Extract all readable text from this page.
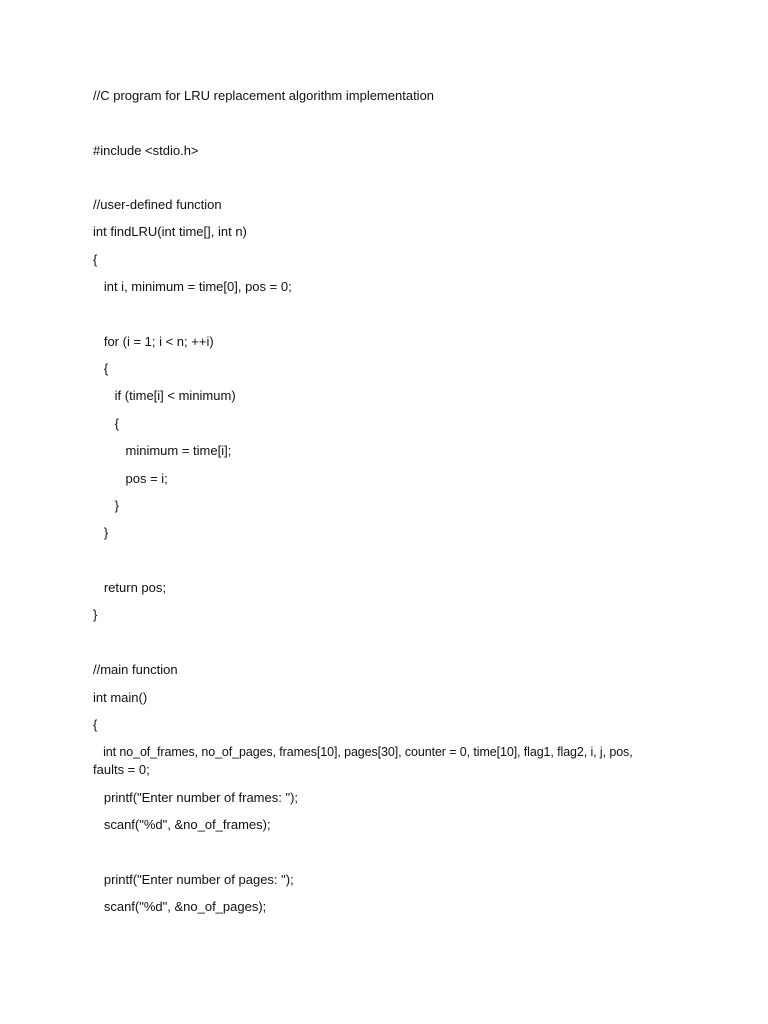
//C program for LRU replacement algorithm implementation
#include <stdio.h>
//user-defined function
int findLRU(int time[], int n)
{
int i, minimum = time[0], pos = 0;
for (i = 1; i < n; ++i)
{
if (time[i] < minimum)
{
minimum = time[i];
pos = i;
}
}
return pos;
}
//main function
int main()
{
int no_of_frames, no_of_pages, frames[10], pages[30], counter = 0, time[10], flag1, flag2, i, j, pos,
faults = 0;
printf("Enter number of frames: ");
scanf("%d", &no_of_frames);
printf("Enter number of pages: ");
scanf("%d", &no_of_pages);
